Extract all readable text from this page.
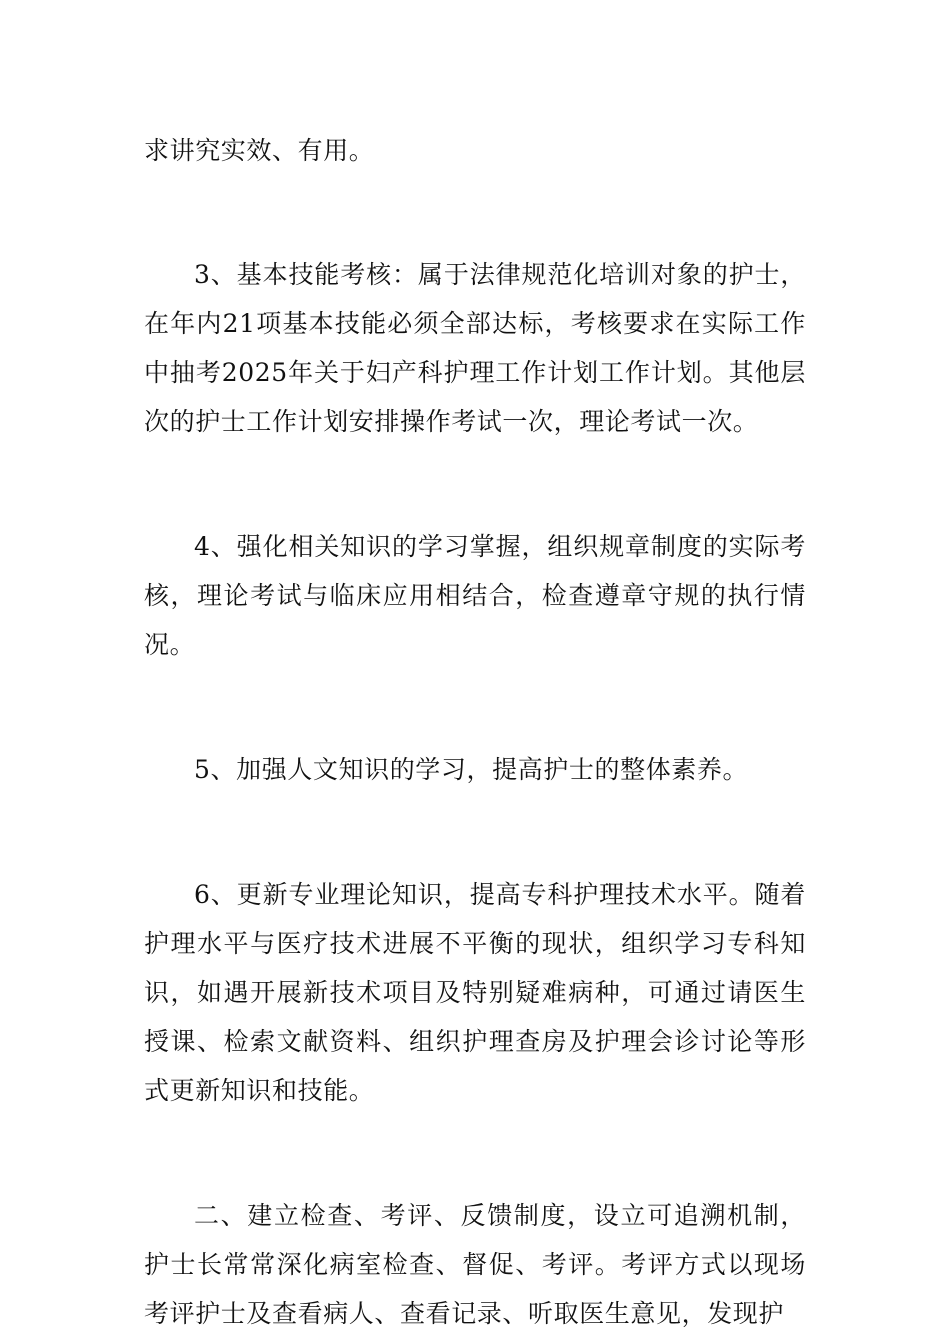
求讲究实效、有用。

3、基本技能考核：属于法律规范化培训对象的护士，在年内21项基本技能必须全部达标，考核要求在实际工作中抽考2025年关于妇产科护理工作计划工作计划。其他层次的护士工作计划安排操作考试一次，理论考试一次。

4、强化相关知识的学习掌握，组织规章制度的实际考核，理论考试与临床应用相结合，检查遵章守规的执行情况。

5、加强人文知识的学习，提高护士的整体素养。

6、更新专业理论知识，提高专科护理技术水平。随着护理水平与医疗技术进展不平衡的现状，组织学习专科知识，如遇开展新技术项目及特别疑难病种，可通过请医生授课、检索文献资料、组织护理查房及护理会诊讨论等形式更新知识和技能。

二、建立检查、考评、反馈制度，设立可追溯机制，护士长常常深化病室检查、督促、考评。考评方式以现场考评护士及查看病人、查看记录、听取医生意见，发现护
